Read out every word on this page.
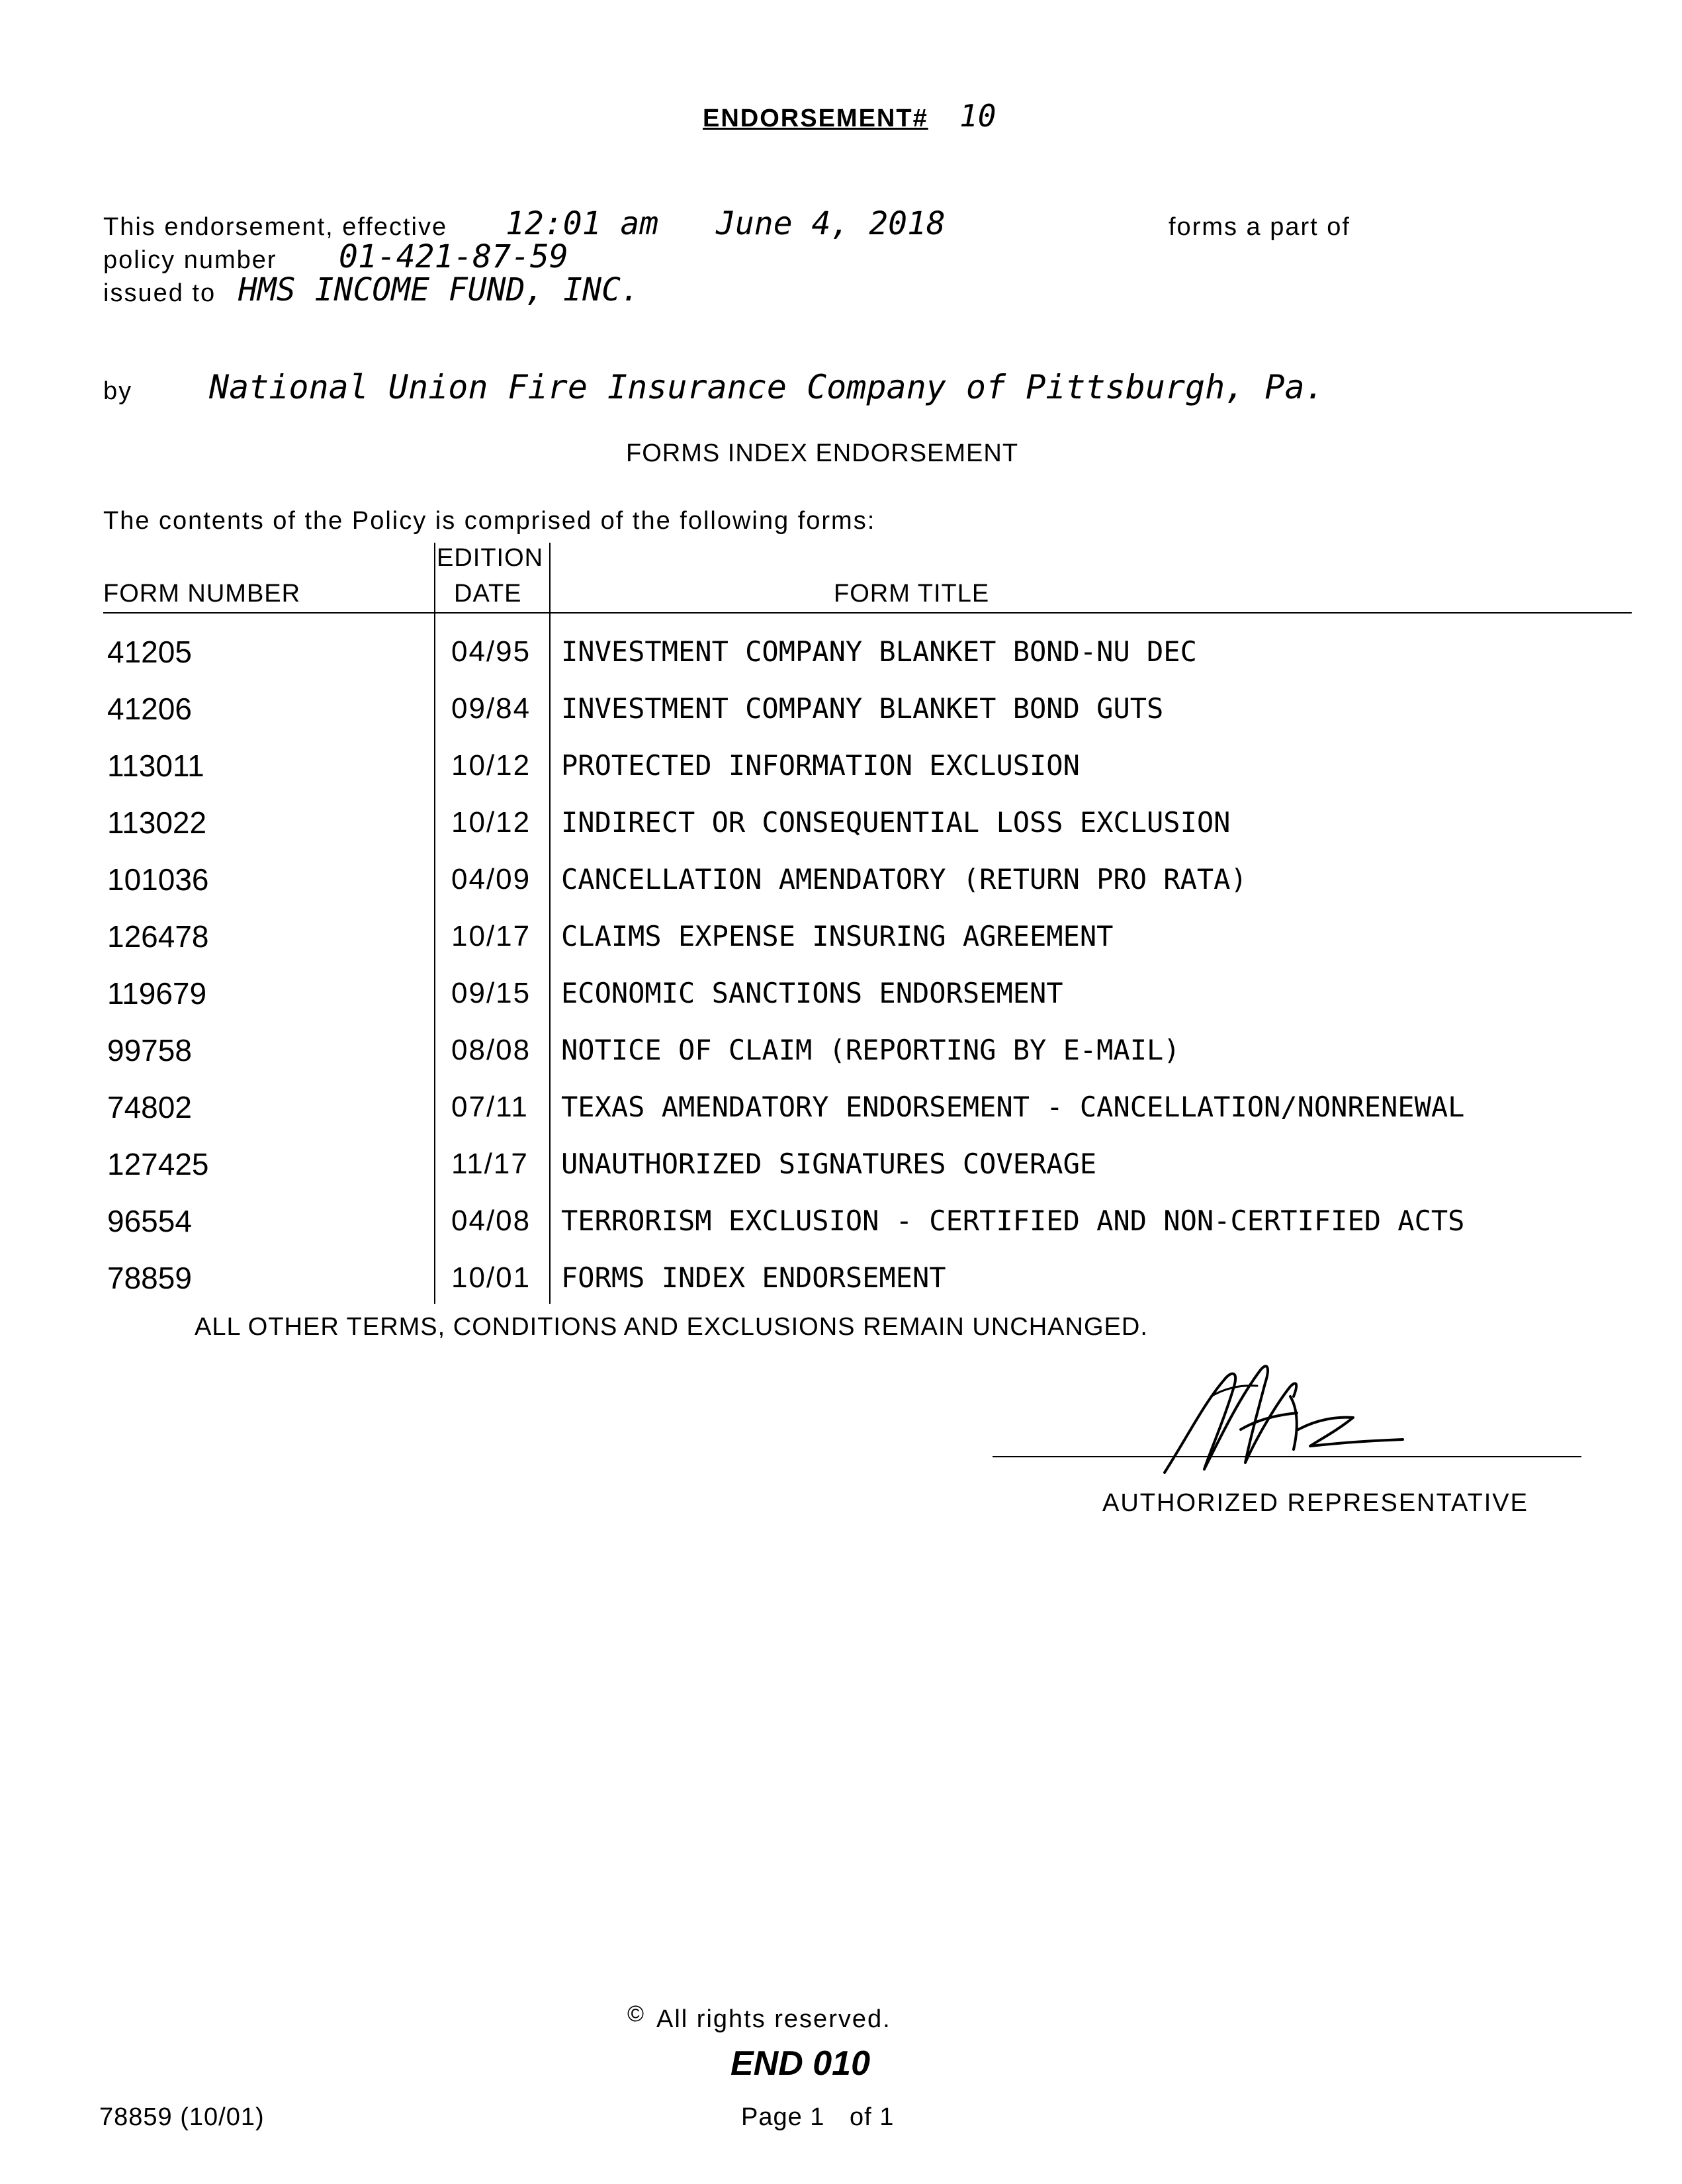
ENDORSEMENT# 10
This endorsement, effective 12:01 am June 4, 2018	forms a part of
policy number 01-421-87-59
issued to HMS INCOME FUND, INC.
by National Union Fire Insurance Company of Pittsburgh, Pa.
FORMS INDEX ENDORSEMENT
The contents of the Policy is comprised of the following forms:
FORM NUMBER
EDITION
DATE	FORM TITLE
41205	04/95 INVESTMENT COMPANY BLANKET BOND-NU DEC
41206	09/84 INVESTMENT COMPANY BLANKET BOND GUTS
113011	10/12 PROTECTED INFORMATION EXCLUSION
113022	10/12 INDIRECT OR CONSEQUENTIAL LOSS EXCLUSION
101036	04/09 CANCELLATION AMENDATORY (RETURN PRO RATA)
126478	10/17 CLAIMS EXPENSE INSURING AGREEMENT
119679	09/15 ECONOMIC SANCTIONS ENDORSEMENT
99758	08/08 NOTICE OF CLAIM (REPORTING BY E-MAIL)
74802	07/11 TEXAS AMENDATORY ENDORSEMENT - CANCELLATION/NONRENEWAL
127425	11/17 UNAUTHORIZED SIGNATURES COVERAGE
96554	04/08 TERRORISM EXCLUSION - CERTIFIED AND NON-CERTIFIED ACTS
78859	10/01 FORMS INDEX ENDORSEMENT
ALL OTHER TERMS, CONDITIONS AND EXCLUSIONS REMAIN UNCHANGED.
AUTHORIZED REPRESENTATIVE
© All rights reserved.
END 010
78859 (10/01)	Page 1 of 1
